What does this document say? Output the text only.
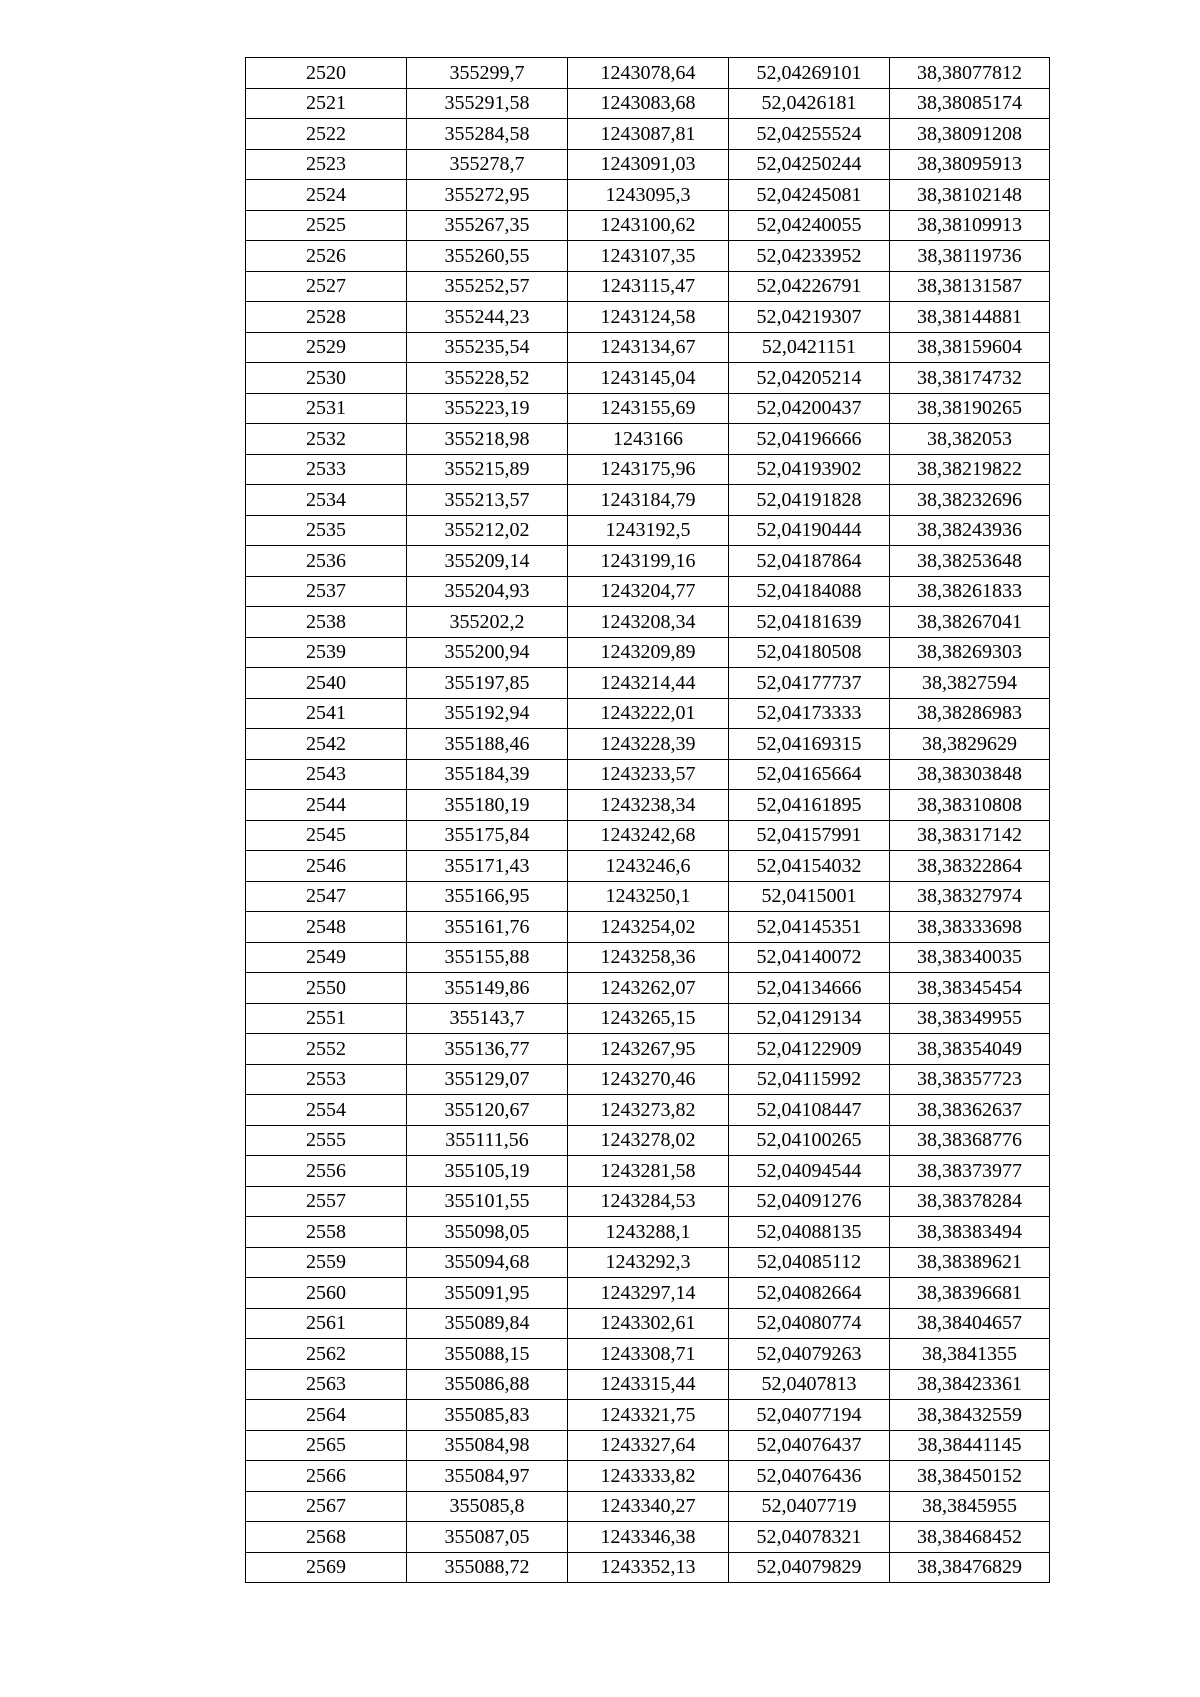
2520	355299,7	1243078,64	52,04269101	38,38077812
2521	355291,58	1243083,68	52,0426181	38,38085174
2522	355284,58	1243087,81	52,04255524	38,38091208
2523	355278,7	1243091,03	52,04250244	38,38095913
2524	355272,95	1243095,3	52,04245081	38,38102148
2525	355267,35	1243100,62	52,04240055	38,38109913
2526	355260,55	1243107,35	52,04233952	38,38119736
2527	355252,57	1243115,47	52,04226791	38,38131587
2528	355244,23	1243124,58	52,04219307	38,38144881
2529	355235,54	1243134,67	52,0421151	38,38159604
2530	355228,52	1243145,04	52,04205214	38,38174732
2531	355223,19	1243155,69	52,04200437	38,38190265
2532	355218,98	1243166	52,04196666	38,382053
2533	355215,89	1243175,96	52,04193902	38,38219822
2534	355213,57	1243184,79	52,04191828	38,38232696
2535	355212,02	1243192,5	52,04190444	38,38243936
2536	355209,14	1243199,16	52,04187864	38,38253648
2537	355204,93	1243204,77	52,04184088	38,38261833
2538	355202,2	1243208,34	52,04181639	38,38267041
2539	355200,94	1243209,89	52,04180508	38,38269303
2540	355197,85	1243214,44	52,04177737	38,3827594
2541	355192,94	1243222,01	52,04173333	38,38286983
2542	355188,46	1243228,39	52,04169315	38,3829629
2543	355184,39	1243233,57	52,04165664	38,38303848
2544	355180,19	1243238,34	52,04161895	38,38310808
2545	355175,84	1243242,68	52,04157991	38,38317142
2546	355171,43	1243246,6	52,04154032	38,38322864
2547	355166,95	1243250,1	52,0415001	38,38327974
2548	355161,76	1243254,02	52,04145351	38,38333698
2549	355155,88	1243258,36	52,04140072	38,38340035
2550	355149,86	1243262,07	52,04134666	38,38345454
2551	355143,7	1243265,15	52,04129134	38,38349955
2552	355136,77	1243267,95	52,04122909	38,38354049
2553	355129,07	1243270,46	52,04115992	38,38357723
2554	355120,67	1243273,82	52,04108447	38,38362637
2555	355111,56	1243278,02	52,04100265	38,38368776
2556	355105,19	1243281,58	52,04094544	38,38373977
2557	355101,55	1243284,53	52,04091276	38,38378284
2558	355098,05	1243288,1	52,04088135	38,38383494
2559	355094,68	1243292,3	52,04085112	38,38389621
2560	355091,95	1243297,14	52,04082664	38,38396681
2561	355089,84	1243302,61	52,04080774	38,38404657
2562	355088,15	1243308,71	52,04079263	38,3841355
2563	355086,88	1243315,44	52,0407813	38,38423361
2564	355085,83	1243321,75	52,04077194	38,38432559
2565	355084,98	1243327,64	52,04076437	38,38441145
2566	355084,97	1243333,82	52,04076436	38,38450152
2567	355085,8	1243340,27	52,0407719	38,3845955
2568	355087,05	1243346,38	52,04078321	38,38468452
2569	355088,72	1243352,13	52,04079829	38,38476829
